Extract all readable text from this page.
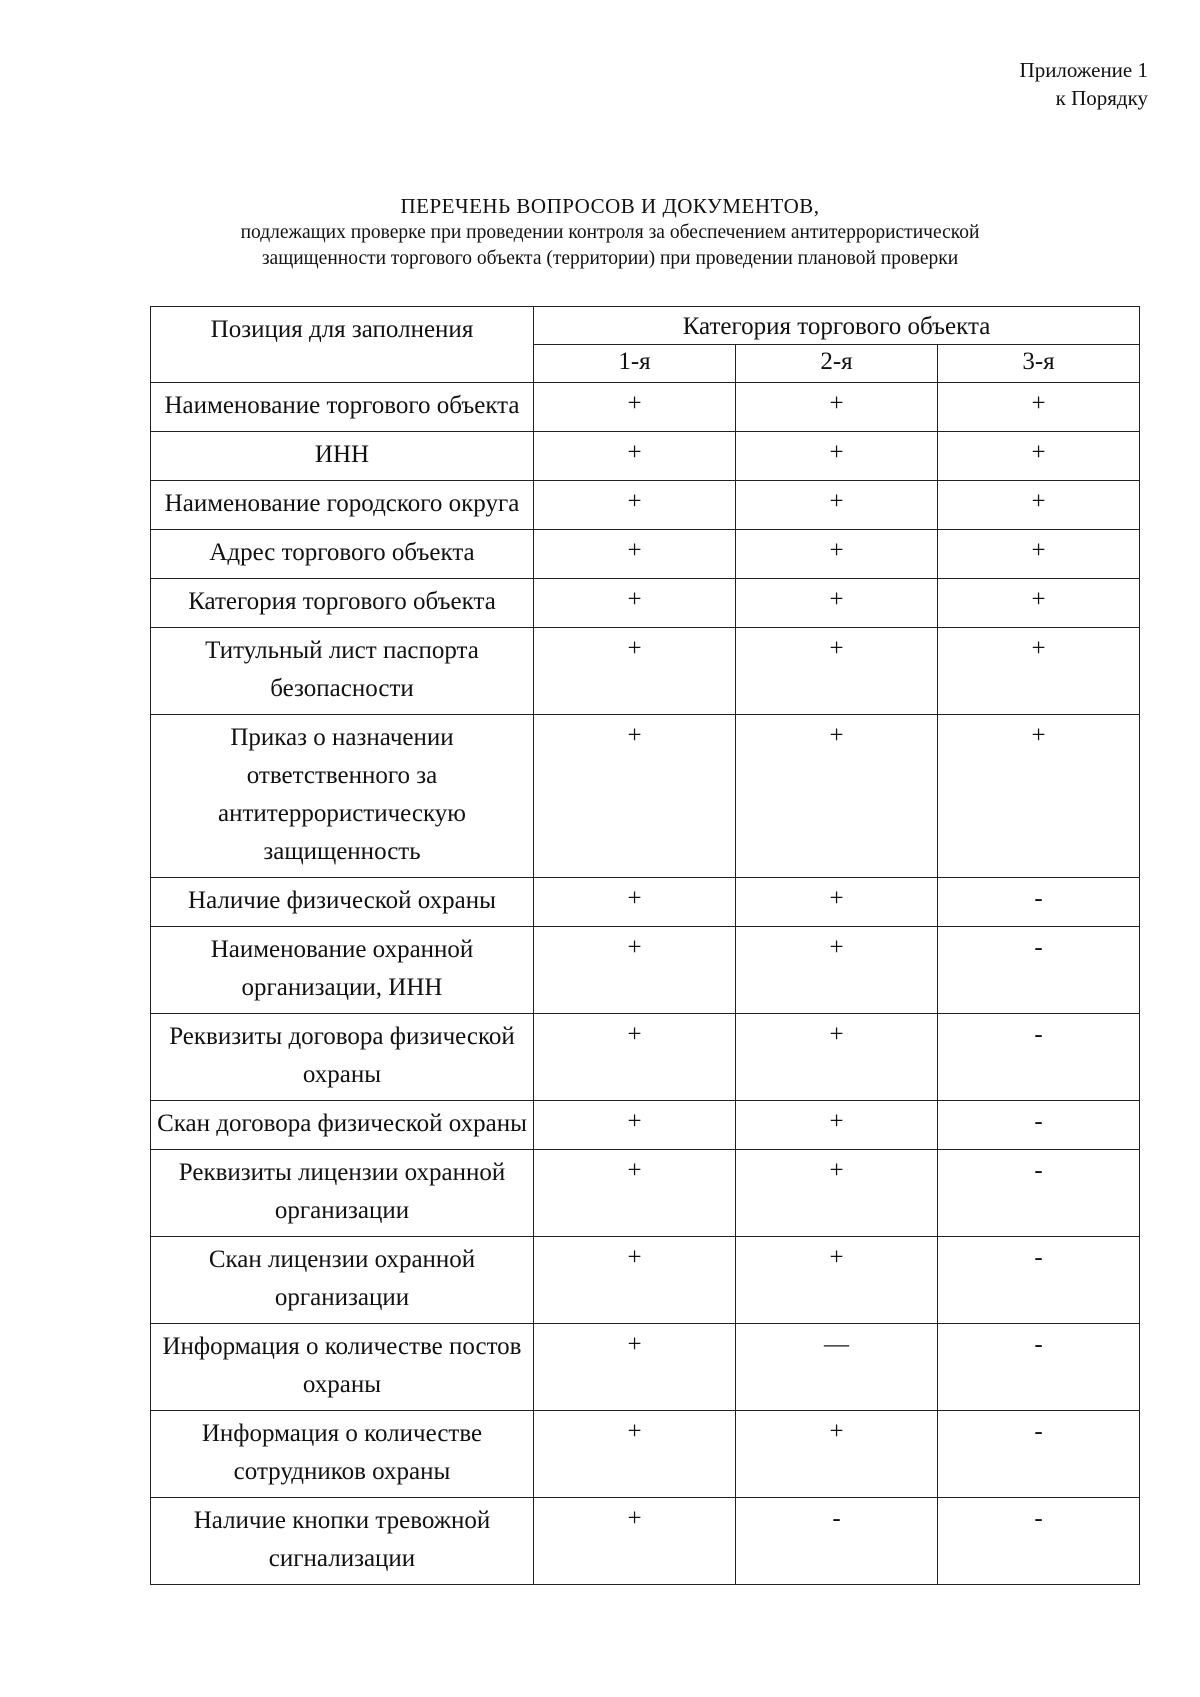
Приложение 1
к Порядку
ПЕРЕЧЕНЬ ВОПРОСОВ И ДОКУМЕНТОВ,
подлежащих проверке при проведении контроля за обеспечением антитеррористической
защищенности торгового объекта (территории) при проведении плановой проверки
Позиция для заполнения	Категория торгового объекта		
	1-я	2-я	3-я
Наименование торгового объекта	+	+	+
ИНН	+	+	+
Наименование городского округа	+	+	+
Адрес торгового объекта	+	+	+
Категория торгового объекта	+	+	+
Титульный лист паспорта безопасности	+	+	+
Приказ о назначении ответственного за антитеррористическую защищенность	+	+	+
Наличие физической охраны	+	+	-
Наименование охранной организации, ИНН	+	+	-
Реквизиты договора физической охраны	+	+	-
Скан договора физической охраны	+	+	-
Реквизиты лицензии охранной организации	+	+	-
Скан лицензии охранной организации	+	+	-
Информация о количестве постов охраны	+	—	-
Информация о количестве сотрудников охраны	+	+	-
Наличие кнопки тревожной сигнализации	+	-	-
